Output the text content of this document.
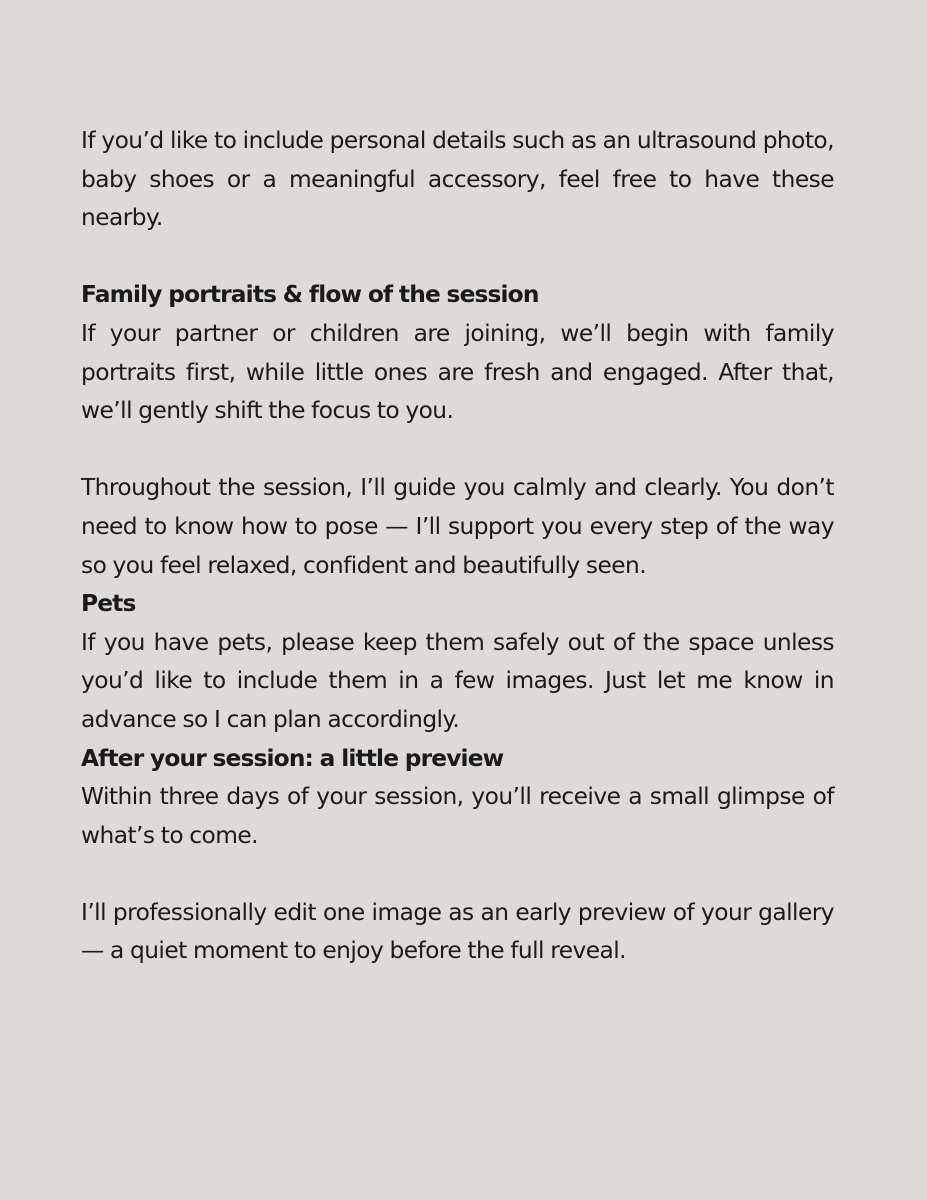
If you’d like to include personal details such as an ultrasound photo, baby shoes or a meaningful accessory, feel free to have these nearby.

Family portraits & flow of the session

If your partner or children are joining, we’ll begin with family portraits first, while little ones are fresh and engaged. After that, we’ll gently shift the focus to you.

Throughout the session, I’ll guide you calmly and clearly. You don’t need to know how to pose — I’ll support you every step of the way so you feel relaxed, confident and beautifully seen.

Pets

If you have pets, please keep them safely out of the space unless you’d like to include them in a few images. Just let me know in advance so I can plan accordingly.

After your session: a little preview

Within three days of your session, you’ll receive a small glimpse of what’s to come.

I’ll professionally edit one image as an early preview of your gallery — a quiet moment to enjoy before the full reveal.
